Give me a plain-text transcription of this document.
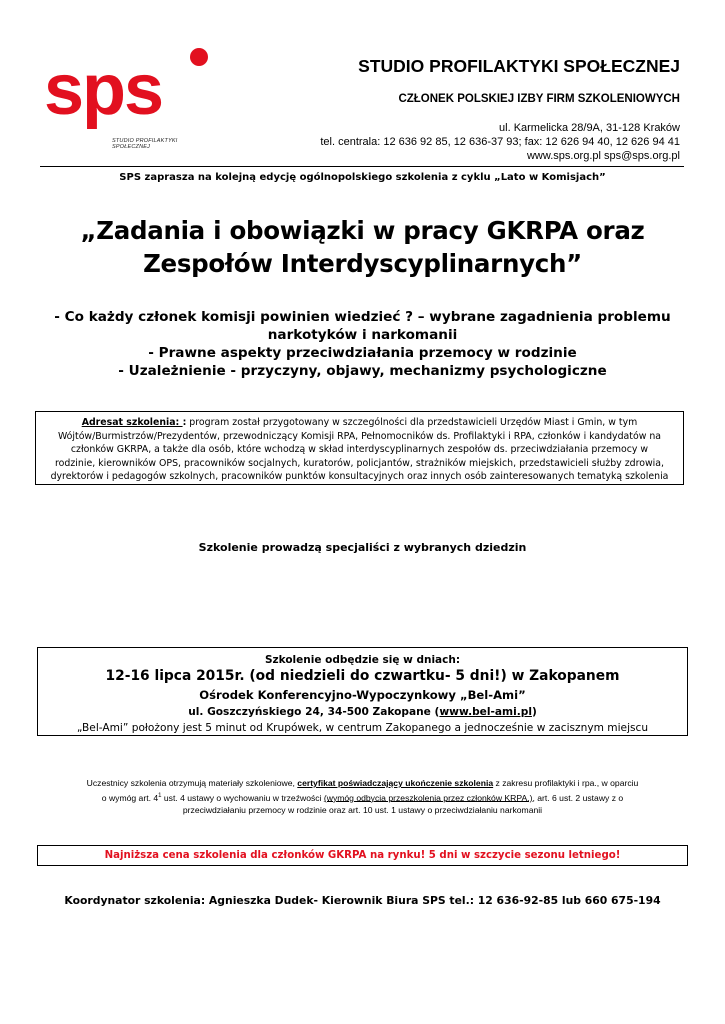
sps
STUDIO PROFILAKTYKI SPOŁECZNEJ
STUDIO PROFILAKTYKI SPOŁECZNEJ
CZŁONEK POLSKIEJ IZBY FIRM SZKOLENIOWYCH
ul. Karmelicka 28/9A, 31-128 Kraków
tel. centrala: 12 636 92 85, 12 636-37 93; fax: 12 626 94 40, 12 626 94 41
www.sps.org.pl sps@sps.org.pl
SPS zaprasza na kolejną edycję ogólnopolskiego szkolenia z cyklu „Lato w Komisjach”
„Zadania i obowiązki w pracy GKRPA oraz
Zespołów Interdyscyplinarnych”
- Co każdy członek komisji powinien wiedzieć ? – wybrane zagadnienia problemu
narkotyków i narkomanii
- Prawne aspekty przeciwdziałania przemocy w rodzinie
- Uzależnienie - przyczyny, objawy, mechanizmy psychologiczne
Adresat szkolenia: : program został przygotowany w szczególności dla przedstawicieli Urzędów Miast i Gmin, w tym
Wójtów/Burmistrzów/Prezydentów, przewodniczący Komisji RPA, Pełnomocników ds. Profilaktyki i RPA, członków i kandydatów na
członków GKRPA, a także dla osób, które wchodzą w skład interdyscyplinarnych zespołów ds. przeciwdziałania przemocy w
rodzinie, kierowników OPS, pracowników socjalnych, kuratorów, policjantów, strażników miejskich, przedstawicieli służby zdrowia,
dyrektorów i pedagogów szkolnych, pracowników punktów konsultacyjnych oraz innych osób zainteresowanych tematyką szkolenia
Szkolenie prowadzą specjaliści z wybranych dziedzin
Szkolenie odbędzie się w dniach:
12-16 lipca 2015r. (od niedzieli do czwartku- 5 dni!) w Zakopanem
Ośrodek Konferencyjno-Wypoczynkowy „Bel-Ami”
ul. Goszczyńskiego 24, 34-500 Zakopane (www.bel-ami.pl)
„Bel-Ami” położony jest 5 minut od Krupówek, w centrum Zakopanego a jednocześnie w zacisznym miejscu
Uczestnicy szkolenia otrzymują materiały szkoleniowe, certyfikat poświadczający ukończenie szkolenia z zakresu profilaktyki i rpa., w oparciu
o wymóg art. $4^1$ ust. 4 ustawy o wychowaniu w trzeźwości (wymóg odbycia przeszkolenia przez członków KRPA.), art. 6 ust. 2 ustawy z o
przeciwdziałaniu przemocy w rodzinie oraz art. 10 ust. 1 ustawy o przeciwdziałaniu narkomanii
Najniższa cena szkolenia dla członków GKRPA na rynku! 5 dni w szczycie sezonu letniego!
Koordynator szkolenia: Agnieszka Dudek- Kierownik Biura SPS tel.: 12 636-92-85 lub 660 675-194
